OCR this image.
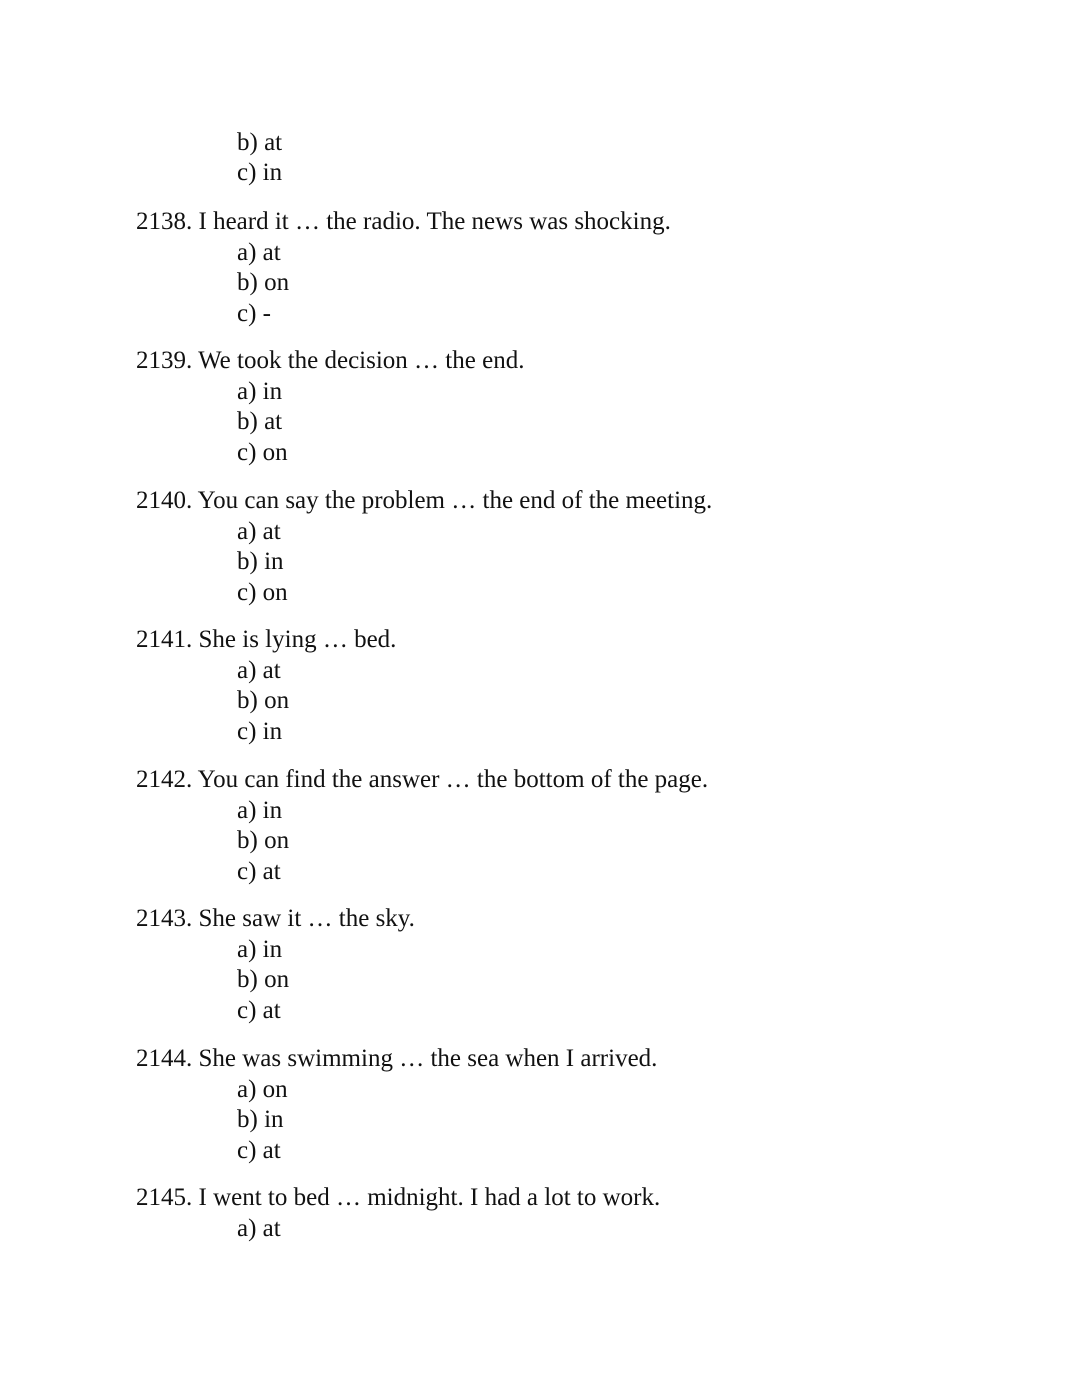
b) at
c) in
2138. I heard it … the radio. The news was shocking.
a) at
b) on
c) -
2139. We took the decision … the end.
a) in
b) at
c) on
2140. You can say the problem … the end of the meeting.
a) at
b) in
c) on
2141. She is lying … bed.
a) at
b) on
c) in
2142. You can find the answer … the bottom of the page.
a) in
b) on
c) at
2143. She saw it … the sky.
a) in
b) on
c) at
2144. She was swimming … the sea when I arrived.
a) on
b) in
c) at
2145. I went to bed … midnight. I had a lot to work.
a) at
